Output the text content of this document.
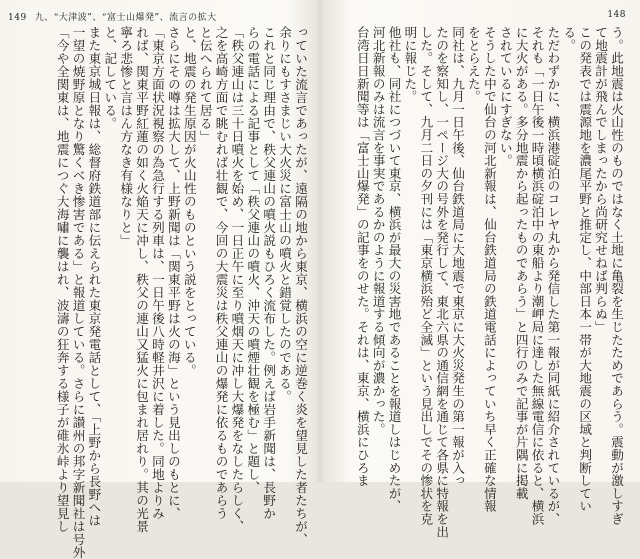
149 九、“大津波”、“富士山爆発”、流言の拡大
っていた流言であったが、遠隔の地から東京、横浜の空に逆巻く炎を望見した者たちが、
余りにもすさまじい大火災に富士山の噴火と錯覚したのである。
これと同じ理由で、秩父連山の噴火説もひろく流布した。例えば岩手新聞は、長野か
らの電話による記事として「秩父連山の噴火、沖天の噴煙壮観を極む」と題し、
「秩父連山は三十日噴火を始め、一日正午に至り噴烟天に冲し大爆発をなしたらしく、
之を高崎方面で眺むれば壮観で、今回の大震災は秩父連山の爆発に依るものであらう
と伝へられて居る」
と、地震の発生原因が火山性のものという説をとっている。
さらにその噂は拡大して、上野新聞は「関東平野は火の海」という見出しのもとに、
「東京方面状況視察の為急行する列車は、一日午後八時軽井沢に着した。同地よりみ
れば、関東平野紅蓮の如く火焔天に冲し、秩父の連山又猛火に包まれ居れり。其の光景
寧ろ悲惨と言はん方なき有様なりと」
と、記している。
また東京城日報は、総督府鉄道部に伝えられた東京発電話として、「上野から長野へは
一望の焼野原となり驚くべき惨害である」と報道している。さらに讃州の邦字新聞社は号外
「今や全関東は、地震につぐ大海嘯に襲はれ、波濤の狂奔する様子が碓氷峠より望見し
148
う。此地震は火山性のものではなく土地に亀裂を生じたためであらう。震動が激しすぎ
て地震計が飛んでしまったから尚研究せねば判らぬ」
この発表では震源地を濃尾平野と推定し、中部日本一帯が大地震の区域と判断してい
る。
ただわずかに、横浜港碇泊のコレヤ丸から発信した第一報が同紙に紹介されているが、
それも「一日午後一時頃横浜碇泊中の東船より潮岬局に達した無線電信に依ると、横浜
に大火がある。多分地震から起ったものであらう」と四行のみで記事が片隅に掲載
されているにすぎない。
そうした中で仙台の河北新報は、仙台鉄道局の鉄道電話によっていち早く正確な情報
をとらえた。
同社は、九月一日午後、仙台鉄道局に大地震で東京に大火災発生の第一報が入っ
たのを察知し、一ページ大の号外を発行して、東北六県の通信網を通じて各県に特報を出
した。そして、九月二日の夕刊には「東京横浜殆ど全滅」という見出しでその惨状を克
明に報じた。
他社も、同社につづいて東京、横浜が最大の災害地であることを報道しはじめたが、
河北新報のみは流言を事実であるかのように報道する傾向が濃かった。
台湾日日新聞等は「富士山爆発」の記事をのせた。それは、東京、横浜にひろま
